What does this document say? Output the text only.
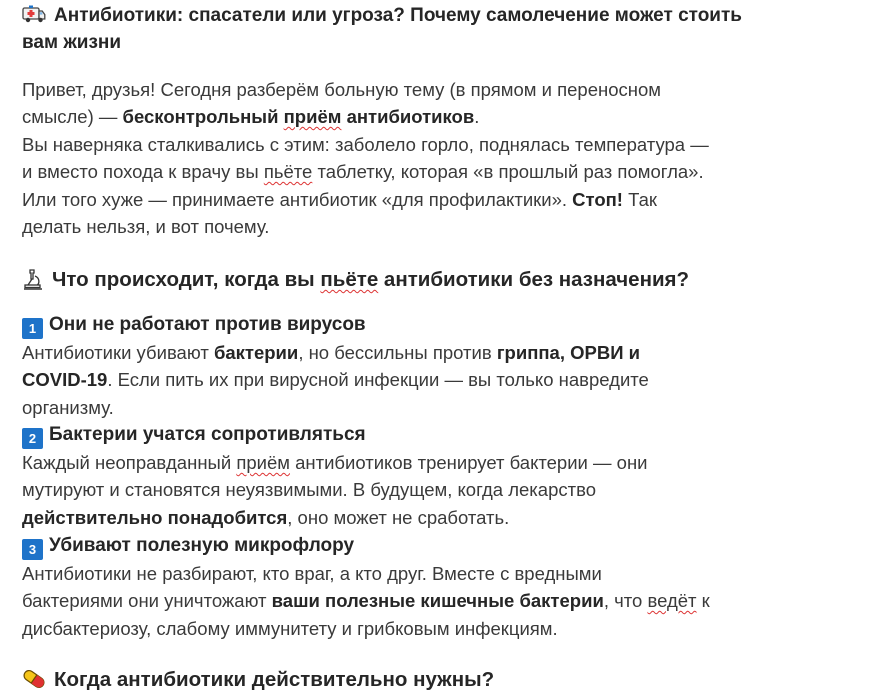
Антибиотики: спасатели или угроза? Почему самолечение может стоить
вам жизни
Привет, друзья! Сегодня разберём больную тему (в прямом и переносном
смысле) — бесконтрольный приём антибиотиков.
Вы наверняка сталкивались с этим: заболело горло, поднялась температура —
и вместо похода к врачу вы пьёте таблетку, которая «в прошлый раз помогла».
Или того хуже — принимаете антибиотик «для профилактики». Стоп! Так
делать нельзя, и вот почему.
Что происходит, когда вы пьёте антибиотики без назначения?
1 Они не работают против вирусов
Антибиотики убивают бактерии, но бессильны против гриппа, ОРВИ и
COVID-19. Если пить их при вирусной инфекции — вы только навредите
организму.
2 Бактерии учатся сопротивляться
Каждый неоправданный приём антибиотиков тренирует бактерии — они
мутируют и становятся неуязвимыми. В будущем, когда лекарство
действительно понадобится, оно может не сработать.
3 Убивают полезную микрофлору
Антибиотики не разбирают, кто враг, а кто друг. Вместе с вредными
бактериями они уничтожают ваши полезные кишечные бактерии, что ведёт к
дисбактериозу, слабому иммунитету и грибковым инфекциям.
Когда антибиотики действительно нужны?
